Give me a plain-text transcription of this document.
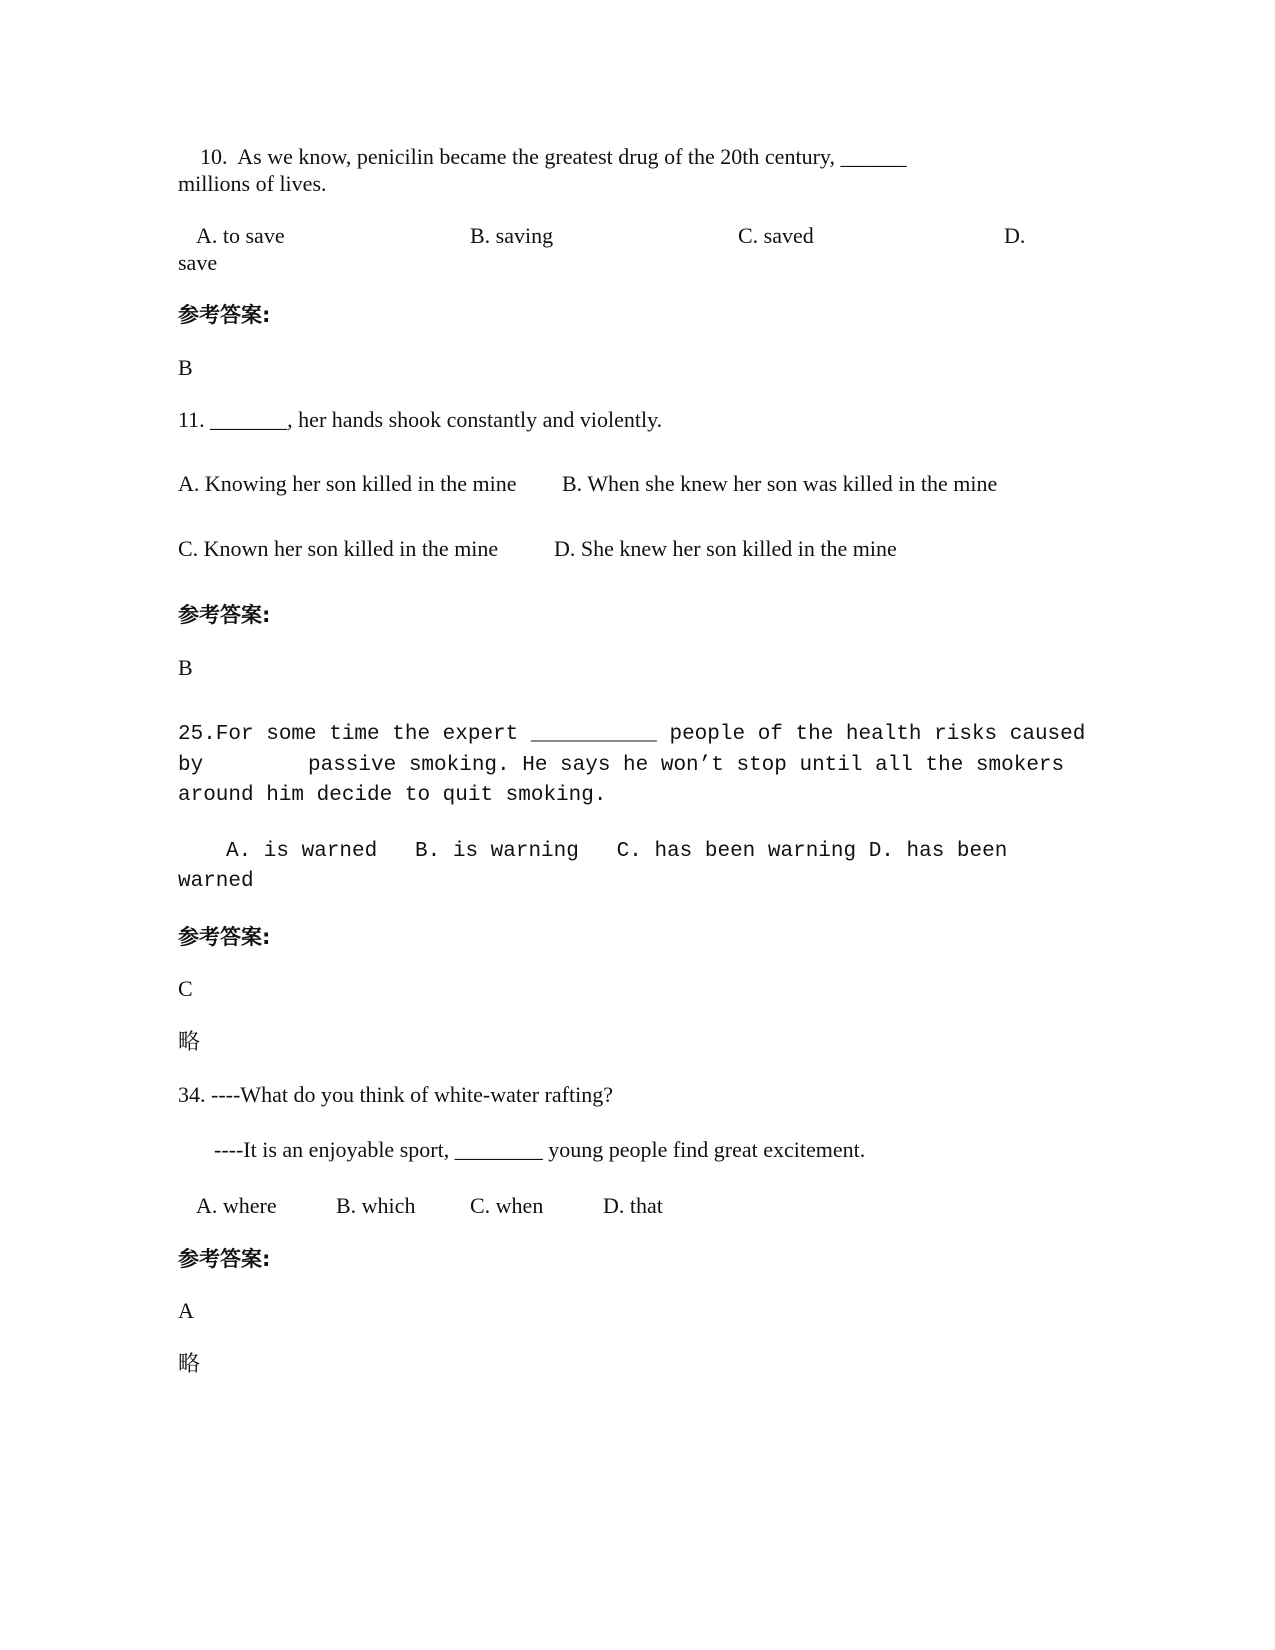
10.  As we know, penicilin became the greatest drug of the 20th century, ______
millions of lives.
A. to save	B. saving	C. saved	D.
save
参考答案:
B
11. _______, her hands shook constantly and violently.
A. Knowing her son killed in the mine B. When she knew her son was killed in the mine
C. Known her son killed in the mine	D. She knew her son killed in the mine
参考答案:
B
25.For some time the expert __________ people of the health risks caused
by	passive smoking. He says he won’t stop until all the smokers
around him decide to quit smoking.
A. is warned   B. is warning   C. has been warning D. has been
warned
参考答案:
C
略
34. ----What do you think of white-water rafting?
----It is an enjoyable sport, ________ young people find great excitement.
A. where	B. which C. when	D. that
参考答案:
A
略
